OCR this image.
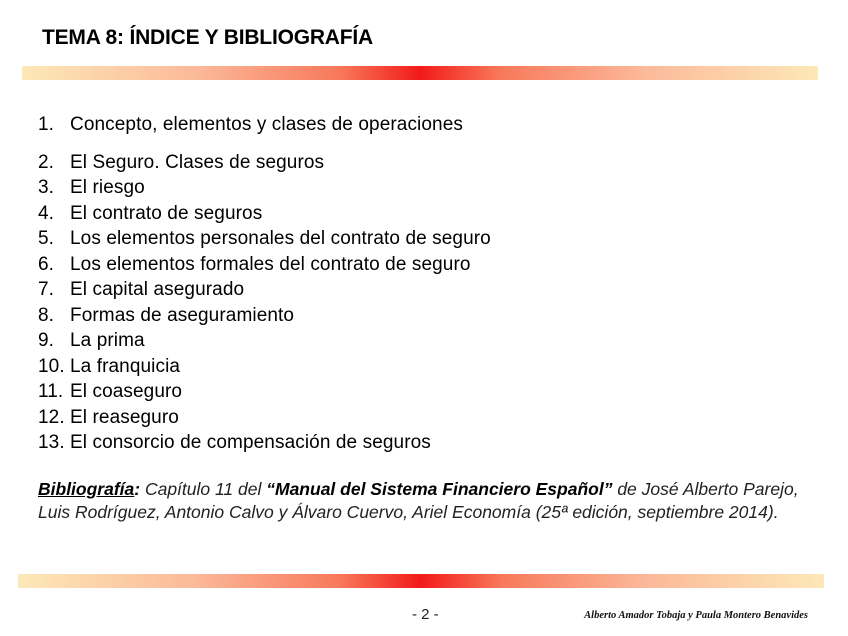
TEMA 8: ÍNDICE Y BIBLIOGRAFÍA
1. Concepto, elementos y clases de operaciones
2. El Seguro. Clases de seguros
3. El riesgo
4. El contrato de seguros
5. Los elementos personales del contrato de seguro
6. Los elementos formales del contrato de seguro
7. El capital asegurado
8. Formas de aseguramiento
9. La prima
10. La franquicia
11. El coaseguro
12. El reaseguro
13. El consorcio de compensación de seguros
Bibliografía: Capítulo 11 del “Manual del Sistema Financiero Español” de José Alberto Parejo, Luis Rodríguez, Antonio Calvo y Álvaro Cuervo, Ariel Economía (25ª edición, septiembre 2014).
- 2 -	Alberto Amador Tobaja y Paula Montero Benavides
